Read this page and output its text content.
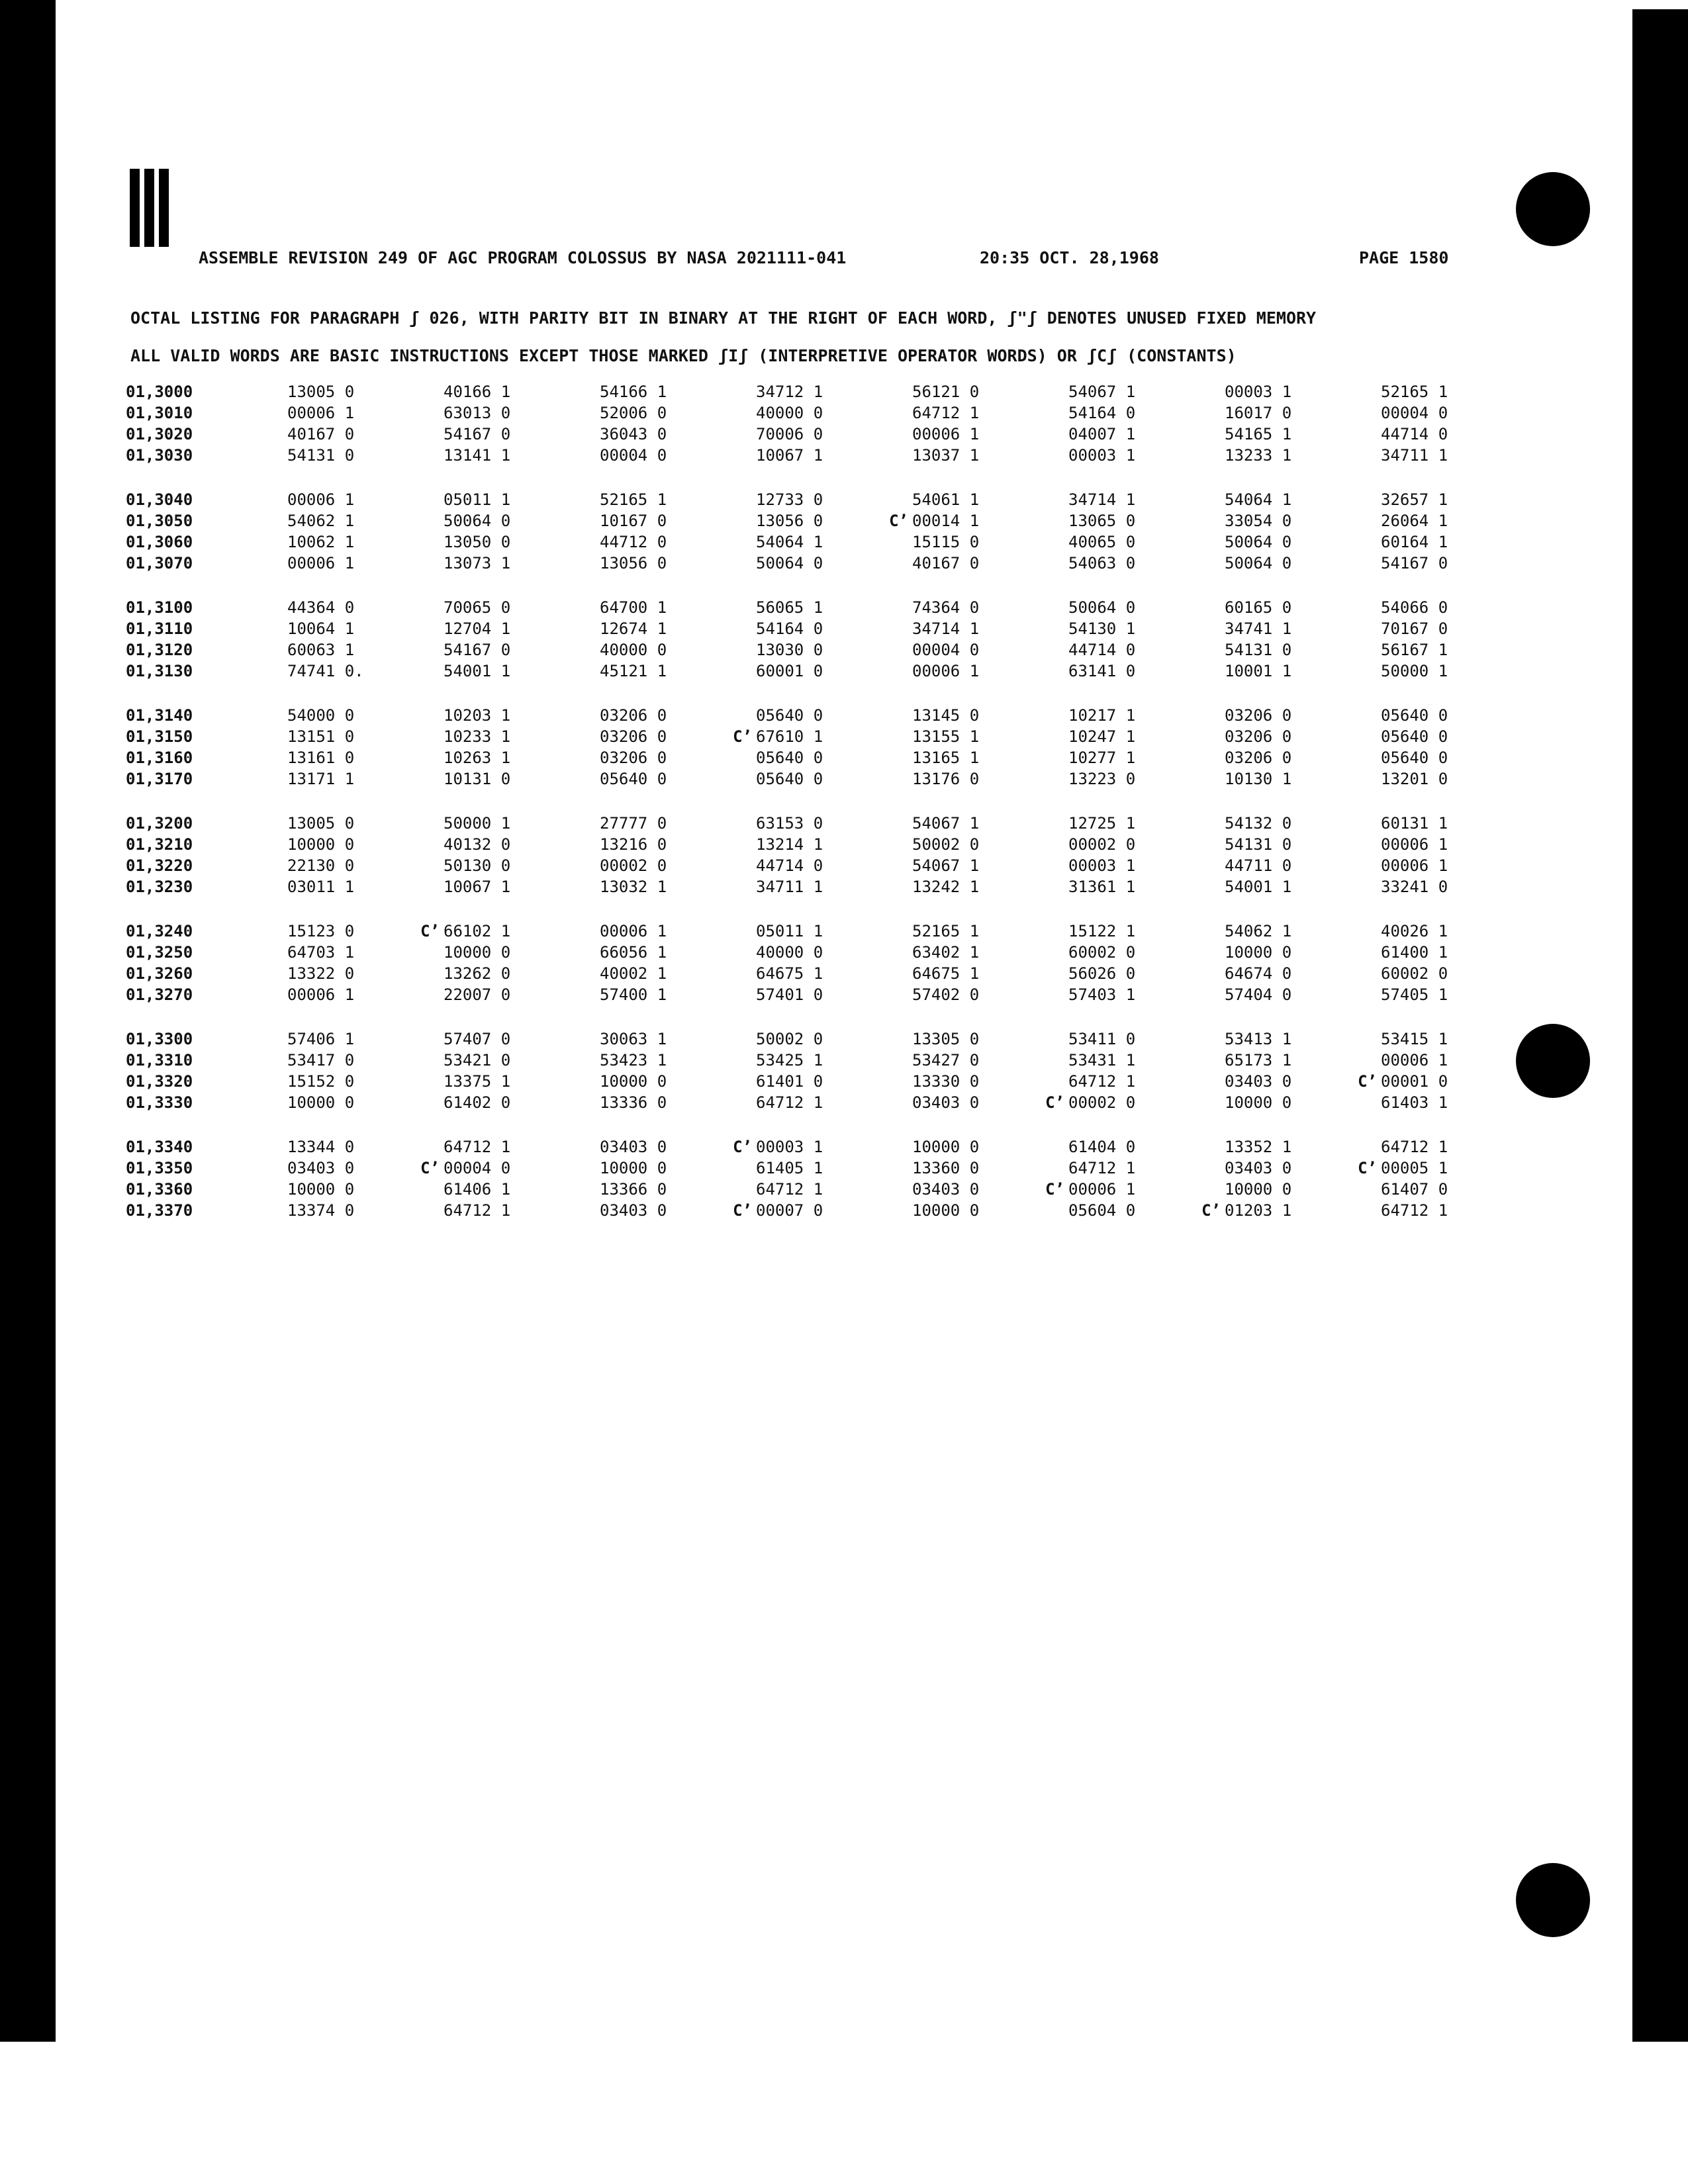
ASSEMBLE REVISION 249 OF AGC PROGRAM COLOSSUS BY NASA 2021111-041	20:35 OCT. 28,1968	PAGE 1580
OCTAL LISTING FOR PARAGRAPH ʃ 026, WITH PARITY BIT IN BINARY AT THE RIGHT OF EACH WORD, ʃ"ʃ DENOTES UNUSED FIXED MEMORY
ALL VALID WORDS ARE BASIC INSTRUCTIONS EXCEPT THOSE MARKED ʃIʃ (INTERPRETIVE OPERATOR WORDS) OR ʃCʃ (CONSTANTS)
01,3000	13005 0	40166 1	54166 1	34712 1	56121 0	54067 1	00003 1	52165 1
01,3010	00006 1	63013 0	52006 0	40000 0	64712 1	54164 0	16017 0	00004 0
01,3020	40167 0	54167 0	36043 0	70006 0	00006 1	04007 1	54165 1	44714 0
01,3030	54131 0	13141 1	00004 0	10067 1	13037 1	00003 1	13233 1	34711 1
01,3040	00006 1	05011 1	52165 1	12733 0	54061 1	34714 1	54064 1	32657 1
01,3050	54062 1	50064 0	10167 0	13056 0	C’ 00014 1	13065 0	33054 0	26064 1
01,3060	10062 1	13050 0	44712 0	54064 1	15115 0	40065 0	50064 0	60164 1
01,3070	00006 1	13073 1	13056 0	50064 0	40167 0	54063 0	50064 0	54167 0
01,3100	44364 0	70065 0	64700 1	56065 1	74364 0	50064 0	60165 0	54066 0
01,3110	10064 1	12704 1	12674 1	54164 0	34714 1	54130 1	34741 1	70167 0
01,3120	60063 1	54167 0	40000 0	13030 0	00004 0	44714 0	54131 0	56167 1
01,3130	74741 0.	54001 1	45121 1	60001 0	00006 1	63141 0	10001 1	50000 1
01,3140	54000 0	10203 1	03206 0	05640 0	13145 0	10217 1	03206 0	05640 0
01,3150	13151 0	10233 1	03206 0	C’ 67610 1	13155 1	10247 1	03206 0	05640 0
01,3160	13161 0	10263 1	03206 0	05640 0	13165 1	10277 1	03206 0	05640 0
01,3170	13171 1	10131 0	05640 0	05640 0	13176 0	13223 0	10130 1	13201 0
01,3200	13005 0	50000 1	27777 0	63153 0	54067 1	12725 1	54132 0	60131 1
01,3210	10000 0	40132 0	13216 0	13214 1	50002 0	00002 0	54131 0	00006 1
01,3220	22130 0	50130 0	00002 0	44714 0	54067 1	00003 1	44711 0	00006 1
01,3230	03011 1	10067 1	13032 1	34711 1	13242 1	31361 1	54001 1	33241 0
01,3240	15123 0	C’ 66102 1	00006 1	05011 1	52165 1	15122 1	54062 1	40026 1
01,3250	64703 1	10000 0	66056 1	40000 0	63402 1	60002 0	10000 0	61400 1
01,3260	13322 0	13262 0	40002 1	64675 1	64675 1	56026 0	64674 0	60002 0
01,3270	00006 1	22007 0	57400 1	57401 0	57402 0	57403 1	57404 0	57405 1
01,3300	57406 1	57407 0	30063 1	50002 0	13305 0	53411 0	53413 1	53415 1
01,3310	53417 0	53421 0	53423 1	53425 1	53427 0	53431 1	65173 1	00006 1
01,3320	15152 0	13375 1	10000 0	61401 0	13330 0	64712 1	03403 0	C’ 00001 0
01,3330	10000 0	61402 0	13336 0	64712 1	03403 0	C’ 00002 0	10000 0	61403 1
01,3340	13344 0	64712 1	03403 0	C’ 00003 1	10000 0	61404 0	13352 1	64712 1
01,3350	03403 0	C’ 00004 0	10000 0	61405 1	13360 0	64712 1	03403 0	C’ 00005 1
01,3360	10000 0	61406 1	13366 0	64712 1	03403 0	C’ 00006 1	10000 0	61407 0
01,3370	13374 0	64712 1	03403 0	C’ 00007 0	10000 0	05604 0	C’ 01203 1	64712 1
